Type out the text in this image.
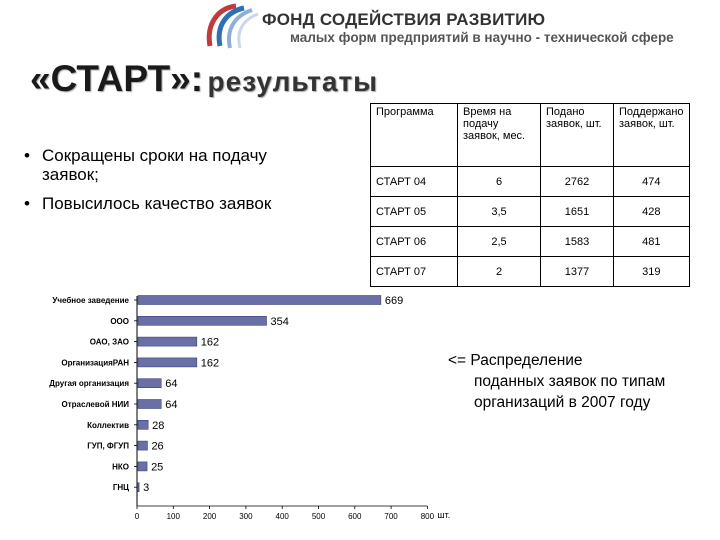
ФОНД СОДЕЙСТВИЯ РАЗВИТИЮ
малых форм предприятий в научно - технической сфере
«СТАРТ»: результаты
• Сокращены сроки на подачу заявок;
• Повысилось качество заявок
Программа	Время на подачу заявок, мес.	Подано заявок, шт.	Поддержано заявок, шт.
СТАРТ 04	6	2762	474
СТАРТ 05	3,5	1651	428
СТАРТ 06	2,5	1583	481
СТАРТ 07	2	1377	319
0	100	200	300	400	500	600	700	800 шт.
Учебное заведение	669
ООО	354
ОАО, ЗАО	162
ОрганизацияРАН	162
Другая организация	64
Отраслевой НИИ	64
Коллектив 28
ГУП, ФГУП 26
НКО 25
ГНЦ 3
<= Распределение
поданных заявок по типам организаций в 2007 году
